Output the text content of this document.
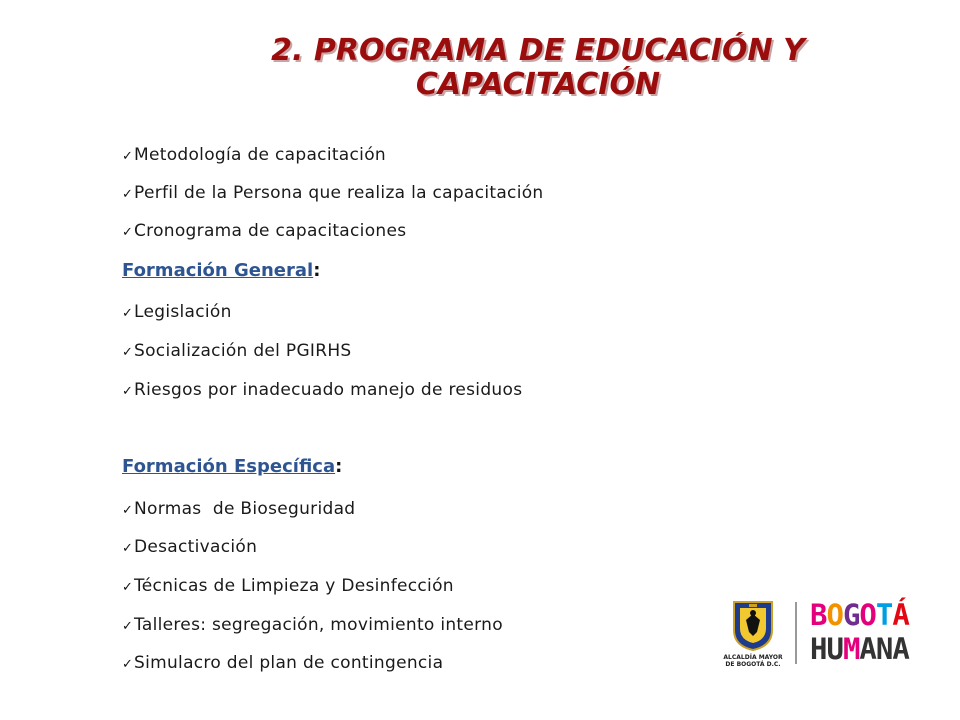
2. PROGRAMA DE EDUCACIÓN Y
CAPACITACIÓN
✓Metodología de capacitación
✓Perfil de la Persona que realiza la capacitación
✓Cronograma de capacitaciones
Formación General:
✓Legislación
✓Socialización del PGIRHS
✓Riesgos por inadecuado manejo de residuos
Formación Específica:
✓Normas  de Bioseguridad
✓Desactivación
✓Técnicas de Limpieza y Desinfección
✓Talleres: segregación, movimiento interno
✓Simulacro del plan de contingencia	ALCALDÍA MAYOR
DE BOGOTÁ D.C.
BOGOTÁ
HUMANA
